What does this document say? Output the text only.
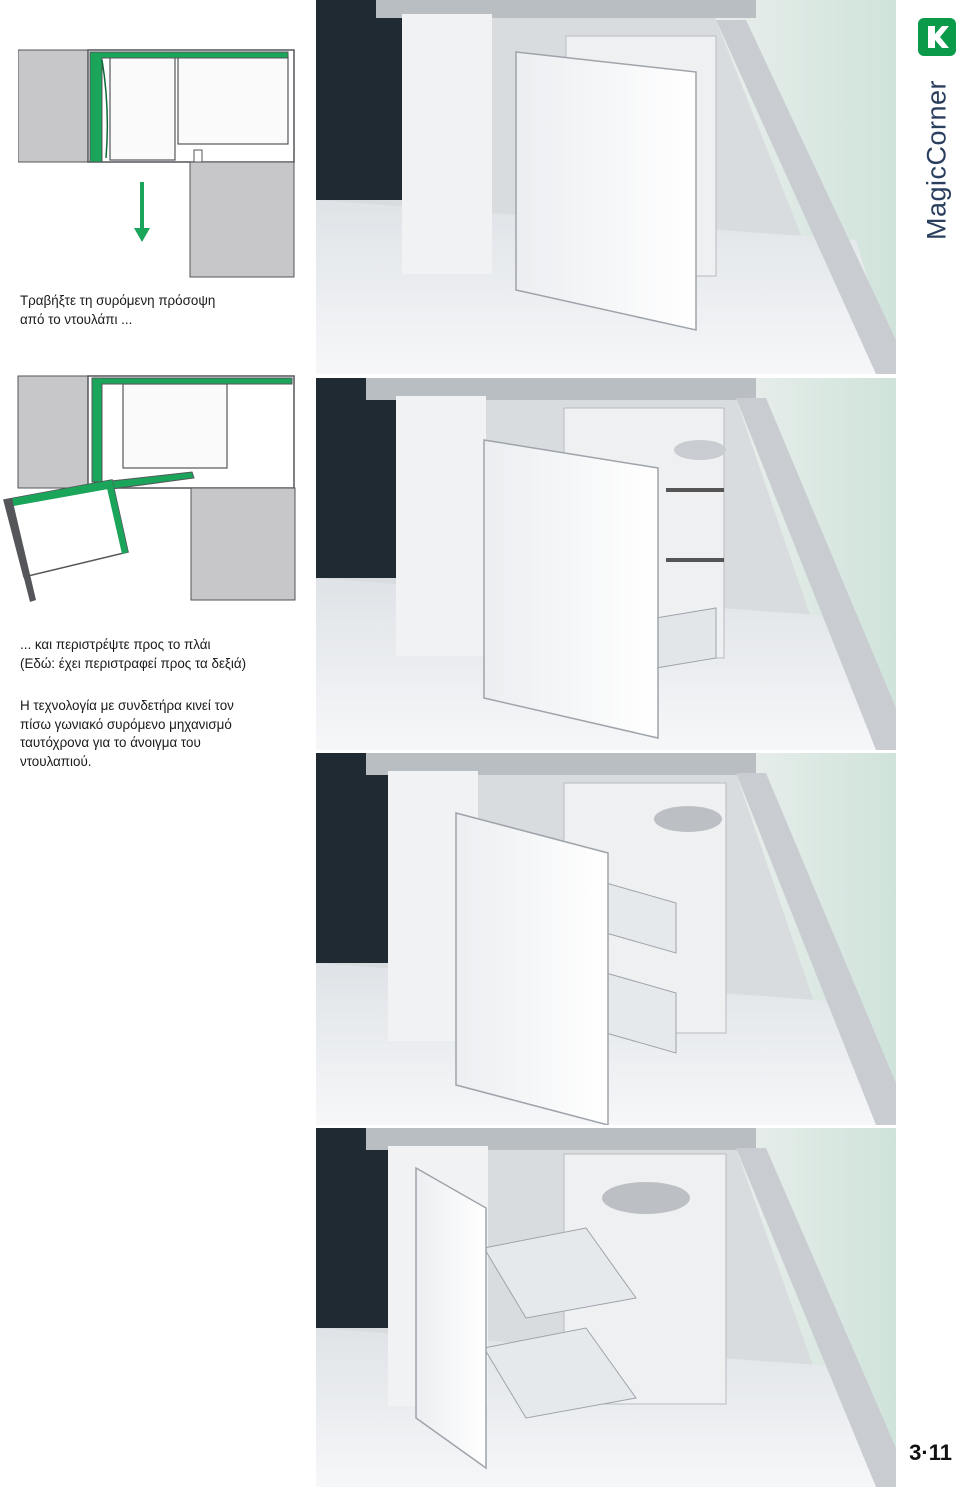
Τραβήξτε τη συρόμενη πρόσοψη
από το ντουλάπι ...

... και περιστρέψτε προς το πλάι
(Εδώ: έχει περιστραφεί προς τα δεξιά)

Η τεχνολογία με συνδετήρα κινεί τον
πίσω γωνιακό συρόμενο μηχανισμό
ταυτόχρονα για το άνοιγμα του
ντουλαπιού.

MagicCorner
3·11
